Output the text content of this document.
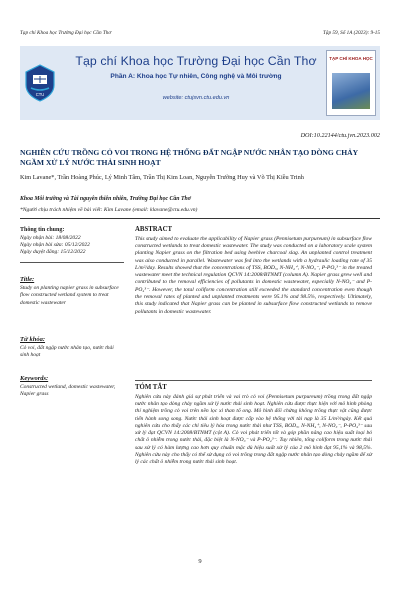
Tạp chí Khoa học Trường Đại học Cần Thơ	Tập 59, Số 1A (2023): 9-15
CTU
Tạp chí Khoa học Trường Đại học Cần Thơ
Phần A: Khoa học Tự nhiên, Công nghệ và Môi trường
website: ctujsvn.ctu.edu.vn
TẠP CHÍ KHOA HỌC
DOI:10.22144/ctu.jvn.2023.002
NGHIÊN CỨU TRỒNG CỎ VOI TRONG HỆ THỐNG ĐẤT NGẬP NƯỚC NHÂN TẠO DÒNG CHẢY NGẦM XỬ LÝ NƯỚC THẢI SINH HOẠT
Kim Lavane*, Trần Hoàng Phúc, Lý Minh Tâm, Trần Thị Kim Loan, Nguyễn Trường Huy và Võ Thị Kiều Trinh
Khoa Môi trường và Tài nguyên thiên nhiên, Trường Đại học Cần Thơ
*Người chịu trách nhiệm về bài viết: Kim Lavane (email: klavane@ctu.edu.vn)
Thông tin chung:
Ngày nhận bài: 18/08/2022
Ngày nhận bài sửa: 05/12/2022
Ngày duyệt đăng: 15/12/2022
Title:
Study on planting napier grass in subsurface flow constructed wetland system to treat domestic wastewater
Từ khóa:
Cỏ voi, đất ngập nước nhân tạo, nước thải sinh hoạt
Keywords:
Constructed wetland, domestic wastewater, Napier grass
ABSTRACT
This study aimed to evaluate the applicability of Napier grass (Pennisetum purpureum) in subsurface flow constructed wetlands to treat domestic wastewater. The study was conducted on a laboratory scale system planting Napier grass on the filtration bed using beehive charcoal slag. An unplanted control treatment was also conducted in parallel. Wastewater was fed into the wetlands with a hydraulic loading rate of 35 L/m²/day. Results showed that the concentrations of TSS, BOD₅, N-NH₄⁺, N-NO₃⁻, P-PO₄³⁻ in the treated wastewater meet the technical regulation QCVN 14:2008/BTNMT (column A). Napier grass grew well and contributed to the removal efficiencies of pollutants in domestic wastewater, especially N-NO₃⁻ and P-PO₄³⁻. However, the total coliform concentration still exceeded the standard concentration even though the removal rates of planted and unplanted treatments were 95.1% and 98.5%, respectively. Ultimately, this study indicated that Napier grass can be planted in subsurface flow constructed wetlands to remove pollutants in domestic wastewater.
TÓM TẮT
Nghiên cứu này đánh giá sự phát triển và vai trò cỏ voi (Pennisetum purpureum) trồng trong đất ngập nước nhân tạo dòng chảy ngầm xử lý nước thải sinh hoạt. Nghiên cứu được thực hiện với mô hình phòng thí nghiệm trồng cỏ voi trên nền lọc xỉ than tổ ong. Mô hình đối chứng không trồng thực vật cũng được tiến hành song song. Nước thải sinh hoạt được cấp vào hệ thống với tải nạp là 35 L/m²/ngày. Kết quả nghiên cứu cho thấy các chỉ tiêu lý hóa trong nước thải như TSS, BOD₅, N-NH₄⁺, N-NO₃⁻, P-PO₄³⁻ sau xử lý đạt QCVN 14:2008/BTNMT (cột A). Cỏ voi phát triển tốt và góp phần nâng cao hiệu suất loại bỏ chất ô nhiễm trong nước thải, đặc biệt là N-NO₃⁻ và P-PO₄³⁻. Tuy nhiên, tổng coliform trong nước thải sau xử lý có hàm lượng cao hơn quy chuẩn mặc dù hiệu suất xử lý của 2 mô hình đạt 95,1% và 98,5%. Nghiên cứu này cho thấy có thể sử dụng cỏ voi trồng trong đất ngập nước nhân tạo dòng chảy ngầm để xử lý các chất ô nhiễm trong nước thải sinh hoạt.
9
